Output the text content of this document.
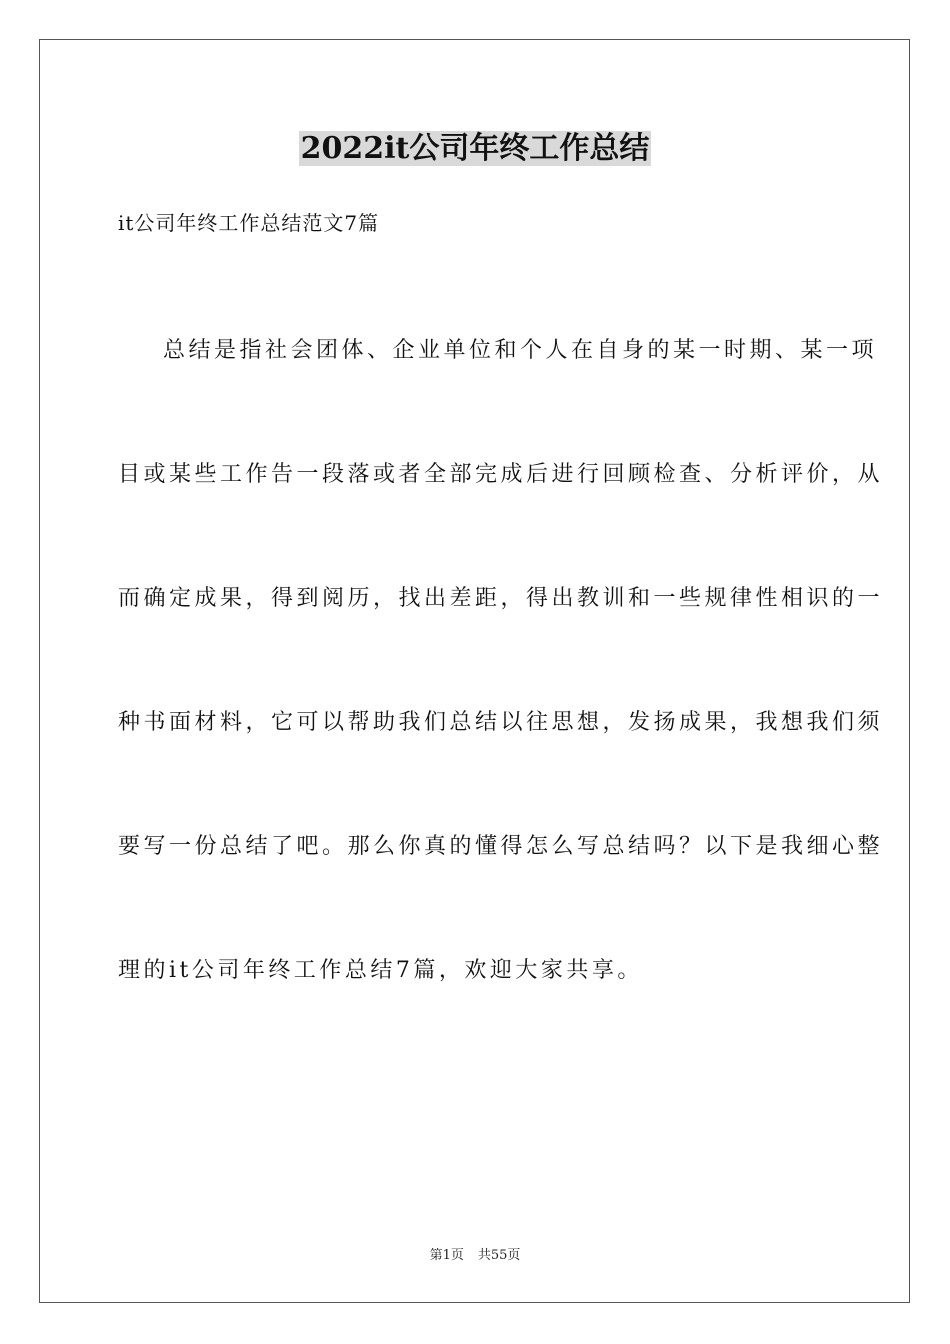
2022it公司年终工作总结

it公司年终工作总结范文7篇

总结是指社会团体、企业单位和个人在自身的某一时期、某一项

目或某些工作告一段落或者全部完成后进行回顾检查、分析评价，从

而确定成果，得到阅历，找出差距，得出教训和一些规律性相识的一

种书面材料，它可以帮助我们总结以往思想，发扬成果，我想我们须

要写一份总结了吧。那么你真的懂得怎么写总结吗？以下是我细心整

理的it公司年终工作总结7篇，欢迎大家共享。

第1页 共55页
